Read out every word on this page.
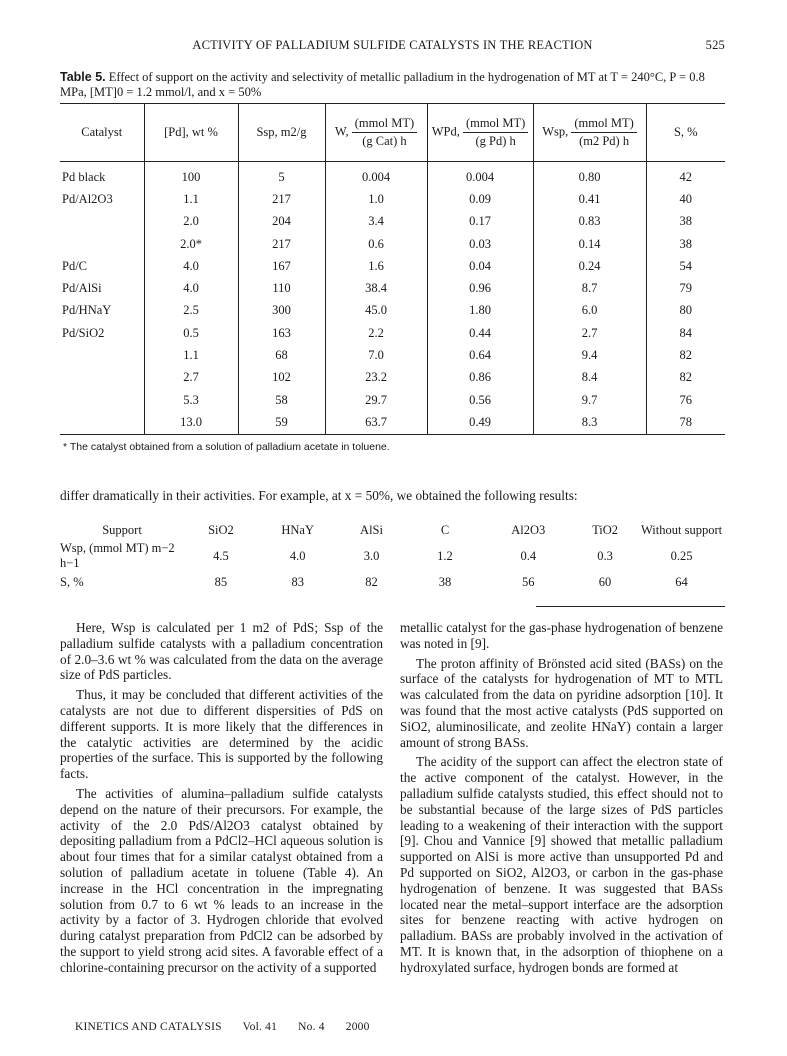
ACTIVITY OF PALLADIUM SULFIDE CATALYSTS IN THE REACTION	525
Table 5. Effect of support on the activity and selectivity of metallic palladium in the hydrogenation of MT at T = 240°C, P = 0.8 MPa, [MT]0 = 1.2 mmol/l, and x = 50%
Catalyst	[Pd], wt %	Ssp, m2/g	W, $\frac{\text{(mmol MT)}}{\text{(g Cat) h}}$	WPd, $\frac{\text{(mmol MT)}}{\text{(g Pd) h}}$	Wsp, $\frac{\text{(mmol MT)}}{(m2 Pd) h}$	S, %
Pd black	100	5	0.004	0.004	0.80	42
Pd/Al2O3	1.1	217	1.0	0.09	0.41	40
	2.0	204	3.4	0.17	0.83	38
	2.0*	217	0.6	0.03	0.14	38
Pd/C	4.0	167	1.6	0.04	0.24	54
Pd/AlSi	4.0	110	38.4	0.96	8.7	79
Pd/HNaY	2.5	300	45.0	1.80	6.0	80
Pd/SiO2	0.5	163	2.2	0.44	2.7	84
	1.1	68	7.0	0.64	9.4	82
	2.7	102	23.2	0.86	8.4	82
	5.3	58	29.7	0.56	9.7	76
	13.0	59	63.7	0.49	8.3	78
* The catalyst obtained from a solution of palladium acetate in toluene.
differ dramatically in their activities. For example, at x = 50%, we obtained the following results:
Support	SiO2	HNaY	AlSi	C	Al2O3	TiO2	Without support
Wsp, (mmol MT) m−2 h−1	4.5	4.0	3.0	1.2	0.4	0.3	0.25
S, %	85	83	82	38	56	60	64

Here, Wsp is calculated per 1 m2 of PdS; Ssp of the palladium sulfide catalysts with a palladium concentration of 2.0–3.6 wt % was calculated from the data on the average size of PdS particles.

Thus, it may be concluded that different activities of the catalysts are not due to different dispersities of PdS on different supports. It is more likely that the differences in the catalytic activities are determined by the acidic properties of the surface. This is supported by the following facts.

The activities of alumina–palladium sulfide catalysts depend on the nature of their precursors. For example, the activity of the 2.0 PdS/Al2O3 catalyst obtained by depositing palladium from a PdCl2–HCl aqueous solution is about four times that for a similar catalyst obtained from a solution of palladium acetate in toluene (Table 4). An increase in the HCl concentration in the impregnating solution from 0.7 to 6 wt % leads to an increase in the activity by a factor of 3. Hydrogen chloride that evolved during catalyst preparation from PdCl2 can be adsorbed by the support to yield strong acid sites. A favorable effect of a chlorine-containing precursor on the activity of a supported

metallic catalyst for the gas-phase hydrogenation of benzene was noted in [9].

The proton affinity of Brönsted acid sited (BASs) on the surface of the catalysts for hydrogenation of MT to MTL was calculated from the data on pyridine adsorption [10]. It was found that the most active catalysts (PdS supported on SiO2, aluminosilicate, and zeolite HNaY) contain a larger amount of strong BASs.

The acidity of the support can affect the electron state of the active component of the catalyst. However, in the palladium sulfide catalysts studied, this effect should not to be substantial because of the large sizes of PdS particles leading to a weakening of their interaction with the support [9]. Chou and Vannice [9] showed that metallic palladium supported on AlSi is more active than unsupported Pd and Pd supported on SiO2, Al2O3, or carbon in the gas-phase hydrogenation of benzene. It was suggested that BASs located near the metal–support interface are the adsorption sites for benzene reacting with active hydrogen on palladium. BASs are probably involved in the activation of MT. It is known that, in the adsorption of thiophene on a hydroxylated surface, hydrogen bonds are formed at

KINETICS AND CATALYSIS Vol. 41 No. 4 2000
